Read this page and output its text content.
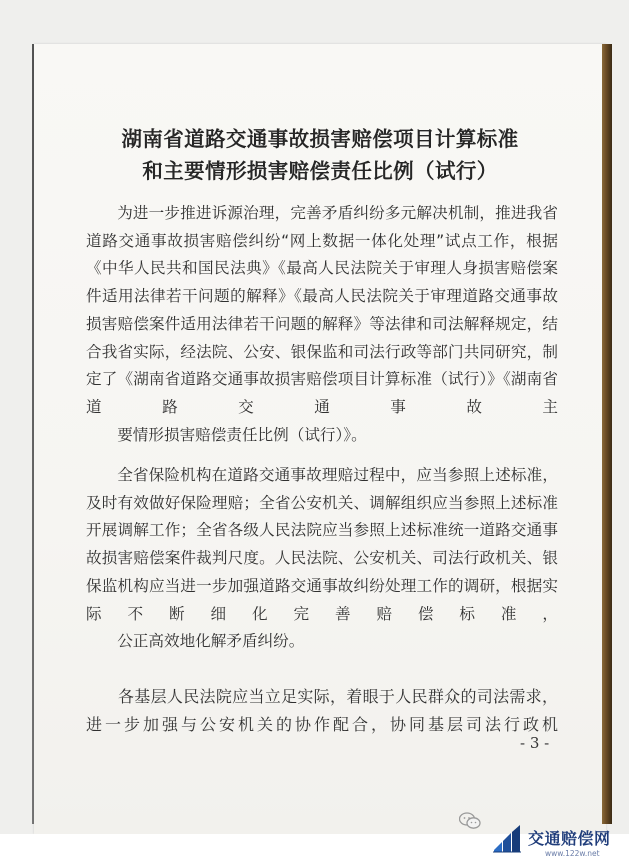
湖南省道路交通事故损害赔偿项目计算标准
和主要情形损害赔偿责任比例（试行）
为进一步推进诉源治理，完善矛盾纠纷多元解决机制，推进我省道路交通事故损害赔偿纠纷“网上数据一体化处理”试点工作，根据《中华人民共和国民法典》《最高人民法院关于审理人身损害赔偿案件适用法律若干问题的解释》《最高人民法院关于审理道路交通事故损害赔偿案件适用法律若干问题的解释》等法律和司法解释规定，结合我省实际，经法院、公安、银保监和司法行政等部门共同研究，制定了《湖南省道路交通事故损害赔偿项目计算标准（试行）》《湖南省道路交通事故主
要情形损害赔偿责任比例（试行）》。
全省保险机构在道路交通事故理赔过程中，应当参照上述标准，及时有效做好保险理赔；全省公安机关、调解组织应当参照上述标准开展调解工作；全省各级人民法院应当参照上述标准统一道路交通事故损害赔偿案件裁判尺度。人民法院、公安机关、司法行政机关、银保监机构应当进一步加强道路交通事故纠纷处理工作的调研，根据实际不断细化完善赔偿标准，
公正高效地化解矛盾纠纷。
各基层人民法院应当立足实际，着眼于人民群众的司法需求，进一步加强与公安机关的协作配合，协同基层司法行政机
- 3 -
交通赔偿网
www.122w.net
